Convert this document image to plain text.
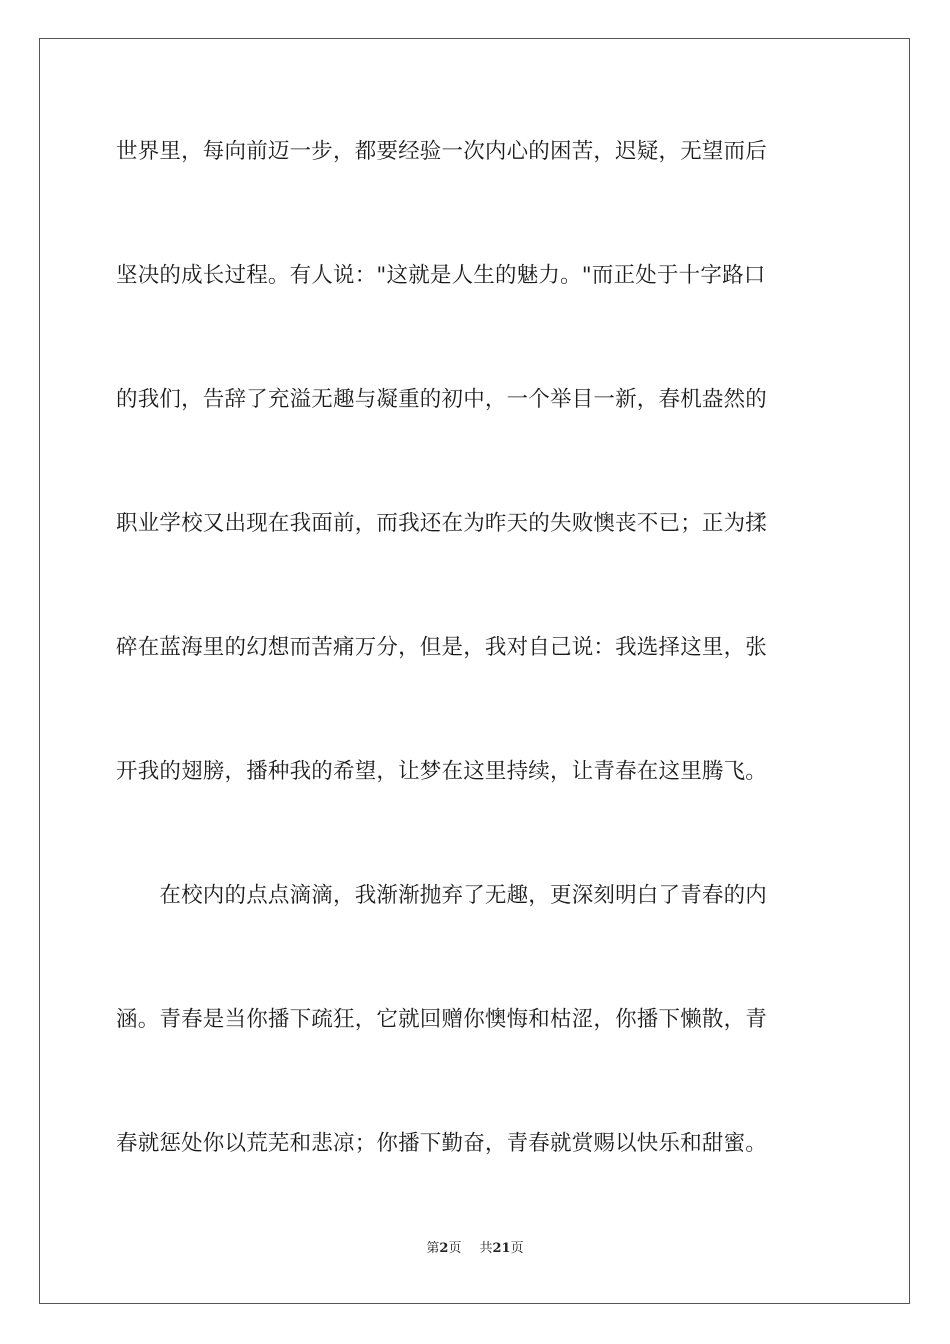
世界里，每向前迈一步，都要经验一次内心的困苦，迟疑，无望而后
坚决的成长过程。有人说："这就是人生的魅力。"而正处于十字路口
的我们，告辞了充溢无趣与凝重的初中，一个举目一新，春机盎然的
职业学校又出现在我面前，而我还在为昨天的失败懊丧不已；正为揉
碎在蓝海里的幻想而苦痛万分，但是，我对自己说：我选择这里，张
开我的翅膀，播种我的希望，让梦在这里持续，让青春在这里腾飞。
　　在校内的点点滴滴，我渐渐抛弃了无趣，更深刻明白了青春的内
涵。青春是当你播下疏狂，它就回赠你懊悔和枯涩，你播下懒散，青
春就惩处你以荒芜和悲凉；你播下勤奋，青春就赏赐以快乐和甜蜜。
第2页 共21页
